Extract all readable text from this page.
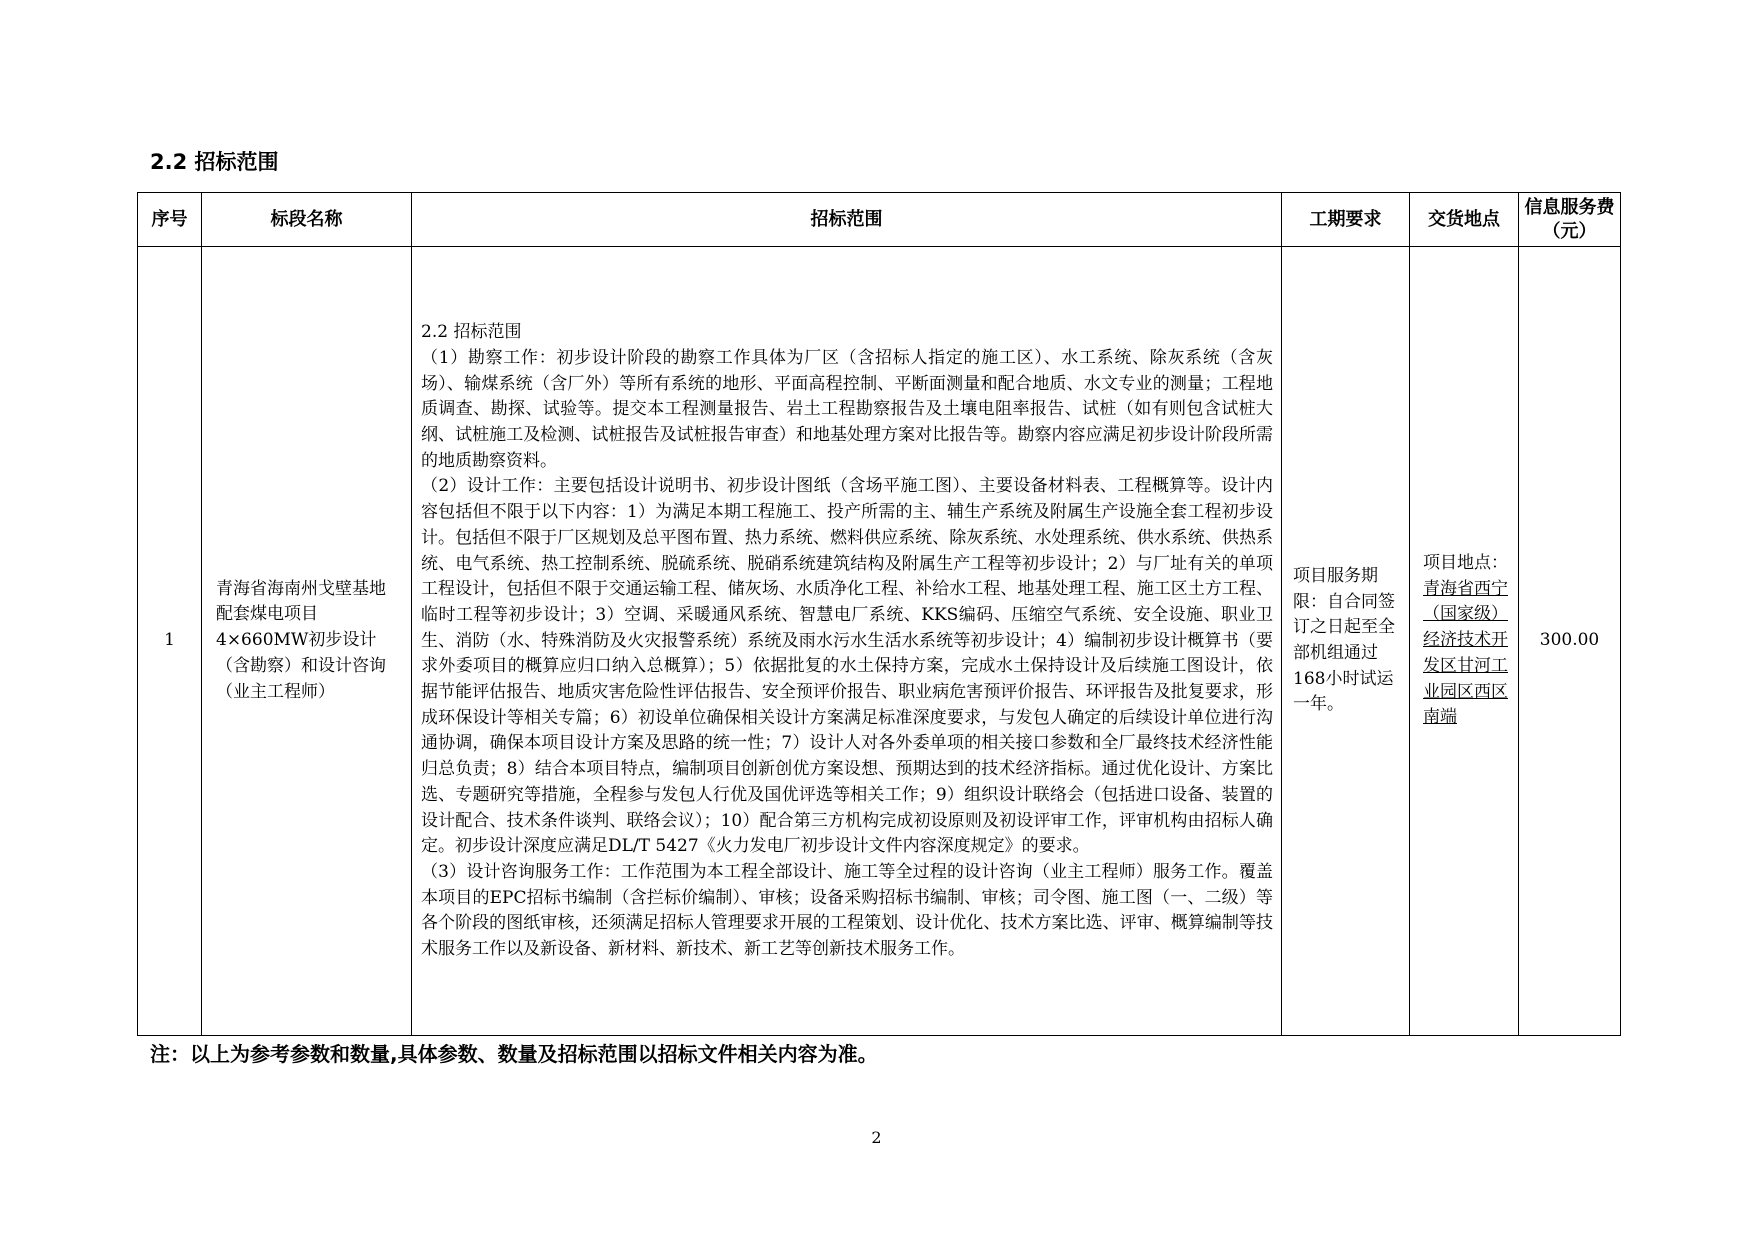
2.2 招标范围
序号	标段名称	招标范围	工期要求	交货地点	信息服务费（元）
1	青海省海南州戈壁基地配套煤电项目4×660MW初步设计（含勘察）和设计咨询（业主工程师）	2.2 招标范围

（1）勘察工作：初步设计阶段的勘察工作具体为厂区（含招标人指定的施工区）、水工系统、除灰系统（含灰场）、输煤系统（含厂外）等所有系统的地形、平面高程控制、平断面测量和配合地质、水文专业的测量；工程地质调查、勘探、试验等。提交本工程测量报告、岩土工程勘察报告及土壤电阻率报告、试桩（如有则包含试桩大纲、试桩施工及检测、试桩报告及试桩报告审查）和地基处理方案对比报告等。勘察内容应满足初步设计阶段所需的地质勘察资料。

（2）设计工作：主要包括设计说明书、初步设计图纸（含场平施工图）、主要设备材料表、工程概算等。设计内容包括但不限于以下内容：1）为满足本期工程施工、投产所需的主、辅生产系统及附属生产设施全套工程初步设计。包括但不限于厂区规划及总平图布置、热力系统、燃料供应系统、除灰系统、水处理系统、供水系统、供热系统、电气系统、热工控制系统、脱硫系统、脱硝系统建筑结构及附属生产工程等初步设计；2）与厂址有关的单项工程设计，包括但不限于交通运输工程、储灰场、水质净化工程、补给水工程、地基处理工程、施工区土方工程、临时工程等初步设计；3）空调、采暖通风系统、智慧电厂系统、KKS编码、压缩空气系统、安全设施、职业卫生、消防（水、特殊消防及火灾报警系统）系统及雨水污水生活水系统等初步设计；4）编制初步设计概算书（要求外委项目的概算应归口纳入总概算）；5）依据批复的水土保持方案，完成水土保持设计及后续施工图设计，依据节能评估报告、地质灾害危险性评估报告、安全预评价报告、职业病危害预评价报告、环评报告及批复要求，形成环保设计等相关专篇；6）初设单位确保相关设计方案满足标准深度要求，与发包人确定的后续设计单位进行沟通协调，确保本项目设计方案及思路的统一性；7）设计人对各外委单项的相关接口参数和全厂最终技术经济性能归总负责；8）结合本项目特点，编制项目创新创优方案设想、预期达到的技术经济指标。通过优化设计、方案比选、专题研究等措施，全程参与发包人行优及国优评选等相关工作；9）组织设计联络会（包括进口设备、装置的设计配合、技术条件谈判、联络会议）；10）配合第三方机构完成初设原则及初设评审工作，评审机构由招标人确定。初步设计深度应满足DL/T 5427《火力发电厂初步设计文件内容深度规定》的要求。

（3）设计咨询服务工作：工作范围为本工程全部设计、施工等全过程的设计咨询（业主工程师）服务工作。覆盖本项目的EPC招标书编制（含拦标价编制）、审核；设备采购招标书编制、审核；司令图、施工图（一、二级）等各个阶段的图纸审核，还须满足招标人管理要求开展的工程策划、设计优化、技术方案比选、评审、概算编制等技术服务工作以及新设备、新材料、新技术、新工艺等创新技术服务工作。	项目服务期限：自合同签订之日起至全部机组通过168小时试运一年。	项目地点：青海省西宁（国家级）经济技术开发区甘河工业园区西区南端	300.00
注：以上为参考参数和数量,具体参数、数量及招标范围以招标文件相关内容为准。
2
